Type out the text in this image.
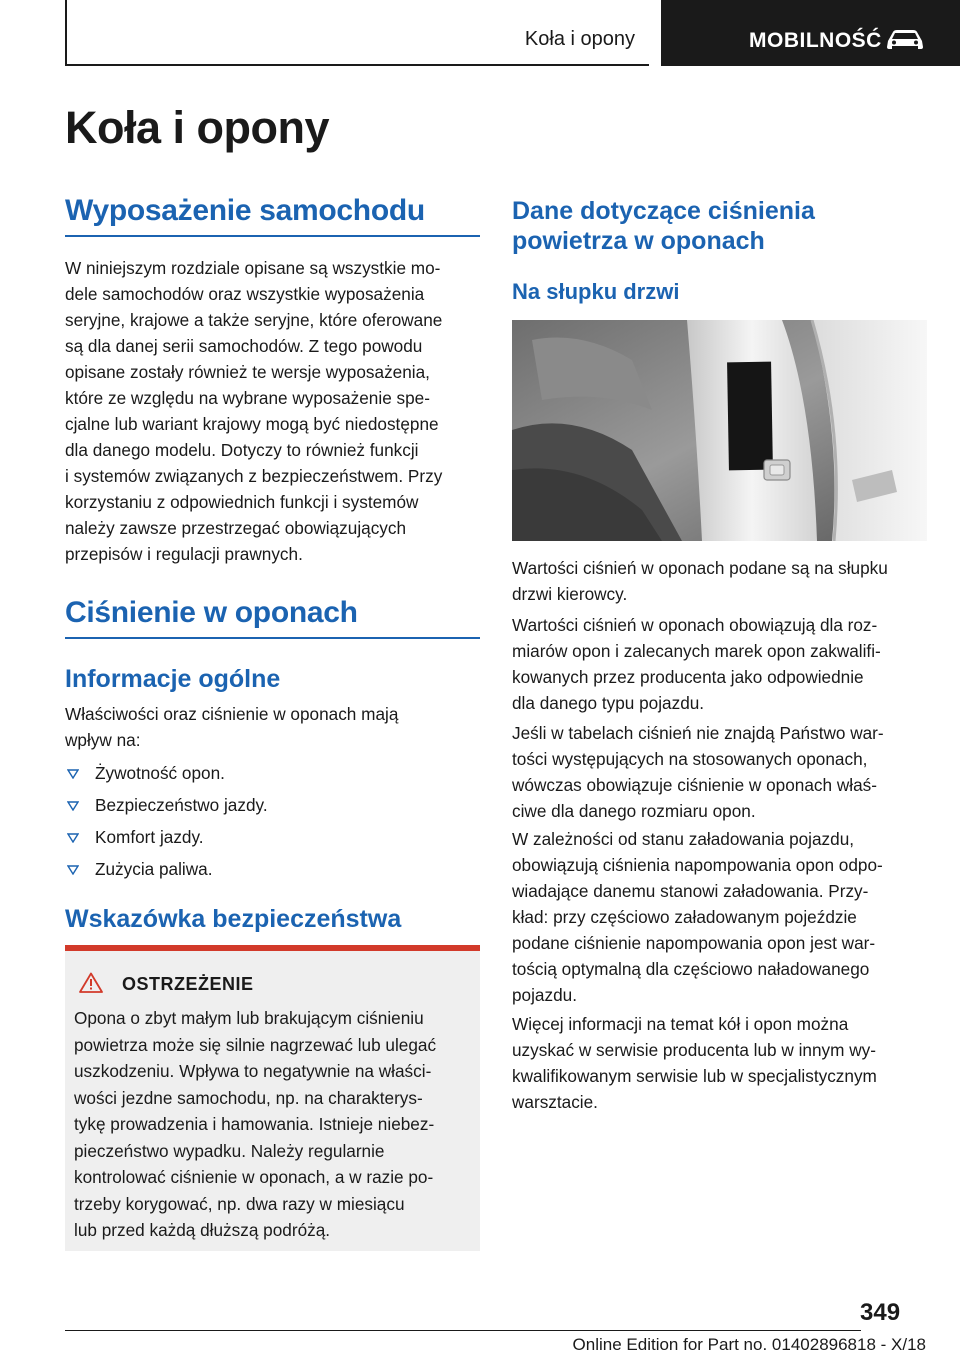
Koła i opony	MOBILNOŚĆ
Koła i opony
Wyposażenie samochodu
W niniejszym rozdziale opisane są wszystkie mo‐
dele samochodów oraz wszystkie wyposażenia
seryjne, krajowe a także seryjne, które oferowane
są dla danej serii samochodów. Z tego powodu
opisane zostały również te wersje wyposażenia,
które ze względu na wybrane wyposażenie spe‐
cjalne lub wariant krajowy mogą być niedostępne
dla danego modelu. Dotyczy to również funkcji
i systemów związanych z bezpieczeństwem. Przy
korzystaniu z odpowiednich funkcji i systemów
należy zawsze przestrzegać obowiązujących
przepisów i regulacji prawnych.
Ciśnienie w oponach
Informacje ogólne
Właściwości oraz ciśnienie w oponach mają
wpływ na:
Żywotność opon.
Bezpieczeństwo jazdy.
Komfort jazdy.
Zużycia paliwa.
Wskazówka bezpieczeństwa
OSTRZEŻENIE
Opona o zbyt małym lub brakującym ciśnieniu
powietrza może się silnie nagrzewać lub ulegać
uszkodzeniu. Wpływa to negatywnie na właści‐
wości jezdne samochodu, np. na charakterys‐
tykę prowadzenia i hamowania. Istnieje niebez‐
pieczeństwo wypadku. Należy regularnie
kontrolować ciśnienie w oponach, a w razie po‐
trzeby korygować, np. dwa razy w miesiącu
lub przed każdą dłuższą podróżą.
Dane dotyczące ciśnienia
powietrza w oponach
Na słupku drzwi
Wartości ciśnień w oponach podane są na słupku
drzwi kierowcy.
Wartości ciśnień w oponach obowiązują dla roz‐
miarów opon i zalecanych marek opon zakwalifi‐
kowanych przez producenta jako odpowiednie
dla danego typu pojazdu.
Jeśli w tabelach ciśnień nie znajdą Państwo war‐
tości występujących na stosowanych oponach,
wówczas obowiązuje ciśnienie w oponach właś‐
ciwe dla danego rozmiaru opon.
W zależności od stanu załadowania pojazdu,
obowiązują ciśnienia napompowania opon odpo‐
wiadające danemu stanowi załadowania. Przy‐
kład: przy częściowo załadowanym pojeździe
podane ciśnienie napompowania opon jest war‐
tością optymalną dla częściowo naładowanego
pojazdu.
Więcej informacji na temat kół i opon można
uzyskać w serwisie producenta lub w innym wy‐
kwalifikowanym serwisie lub w specjalistycznym
warsztacie.
349
Online Edition for Part no. 01402896818 - X/18
